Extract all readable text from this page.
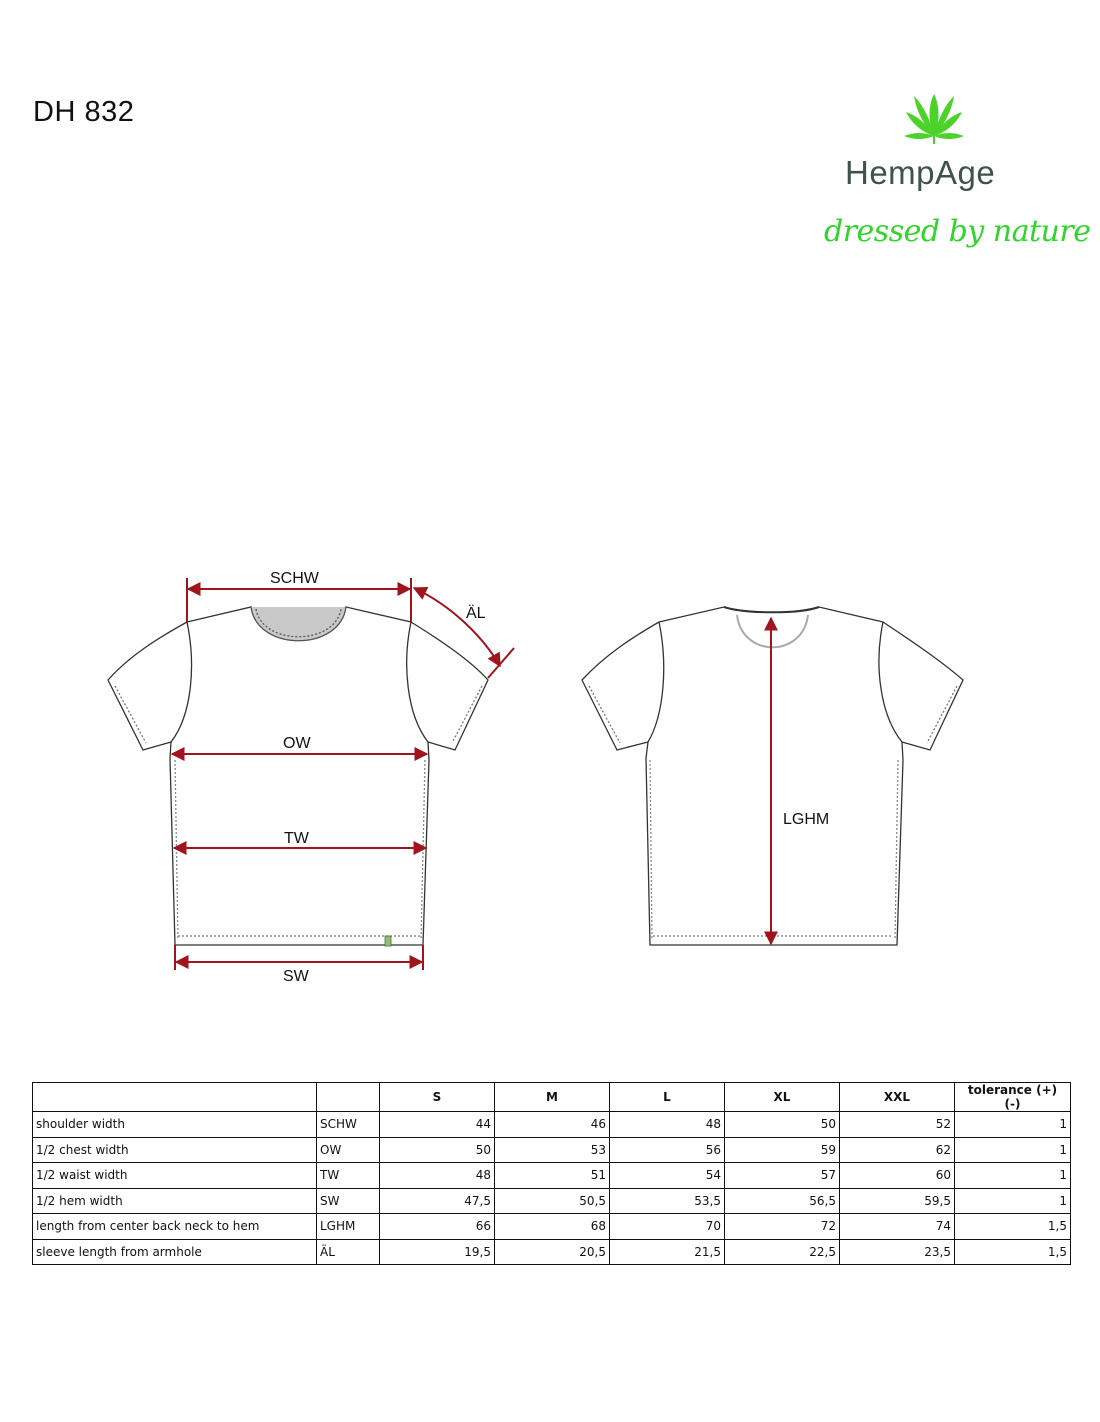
DH 832
HempAge
dressed by nature
SCHW
ÄL
OW
TW
SW
LGHM
		S	M	L	XL	XXL	tolerance (+) (-)
shoulder width	SCHW	44	46	48	50	52	1
1/2 chest width	OW	50	53	56	59	62	1
1/2 waist width	TW	48	51	54	57	60	1
1/2 hem width	SW	47,5	50,5	53,5	56,5	59,5	1
length from center back neck to hem	LGHM	66	68	70	72	74	1,5
sleeve length from armhole	ÄL	19,5	20,5	21,5	22,5	23,5	1,5
